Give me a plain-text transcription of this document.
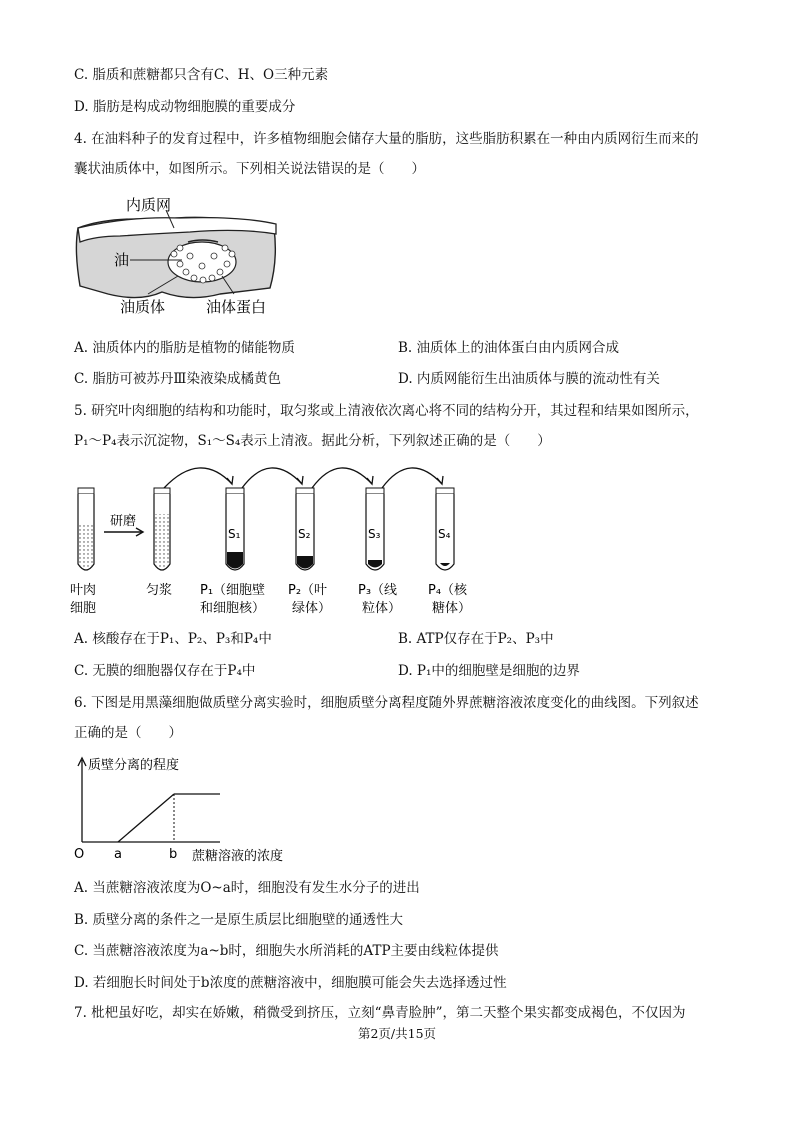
C. 脂质和蔗糖都只含有C、H、O三种元素
D. 脂肪是构成动物细胞膜的重要成分
4. 在油料种子的发育过程中，许多植物细胞会储存大量的脂肪，这些脂肪积累在一种由内质网衍生而来的
囊状油质体中，如图所示。下列相关说法错误的是（　　）
内质网
油
油质体	油体蛋白
A. 油质体内的脂肪是植物的储能物质	B. 油质体上的油体蛋白由内质网合成
C. 脂肪可被苏丹Ⅲ染液染成橘黄色	D. 内质网能衍生出油质体与膜的流动性有关
5. 研究叶肉细胞的结构和功能时，取匀浆或上清液依次离心将不同的结构分开，其过程和结果如图所示，
P₁～P₄表示沉淀物，S₁～S₄表示上清液。据此分析，下列叙述正确的是（　　）
研磨
S₁	S₂	S₃	S₄
叶肉
细胞
匀浆 P₁（细胞壁
和细胞核）
P₂（叶
绿体）
P₃（线
粒体）
P₄（核
糖体）
A. 核酸存在于P₁、P₂、P₃和P₄中	B. ATP仅存在于P₂、P₃中
C. 无膜的细胞器仅存在于P₄中	D. P₁中的细胞壁是细胞的边界
6. 下图是用黑藻细胞做质壁分离实验时，细胞质壁分离程度随外界蔗糖溶液浓度变化的曲线图。下列叙述
正确的是（　　）
质壁分离的程度
O a	b 蔗糖溶液的浓度
A. 当蔗糖溶液浓度为O~a时，细胞没有发生水分子的进出
B. 质壁分离的条件之一是原生质层比细胞壁的通透性大
C. 当蔗糖溶液浓度为a~b时，细胞失水所消耗的ATP主要由线粒体提供
D. 若细胞长时间处于b浓度的蔗糖溶液中，细胞膜可能会失去选择透过性
7. 枇杷虽好吃，却实在娇嫩，稍微受到挤压，立刻“鼻青脸肿”，第二天整个果实都变成褐色，不仅因为
第2页/共15页
